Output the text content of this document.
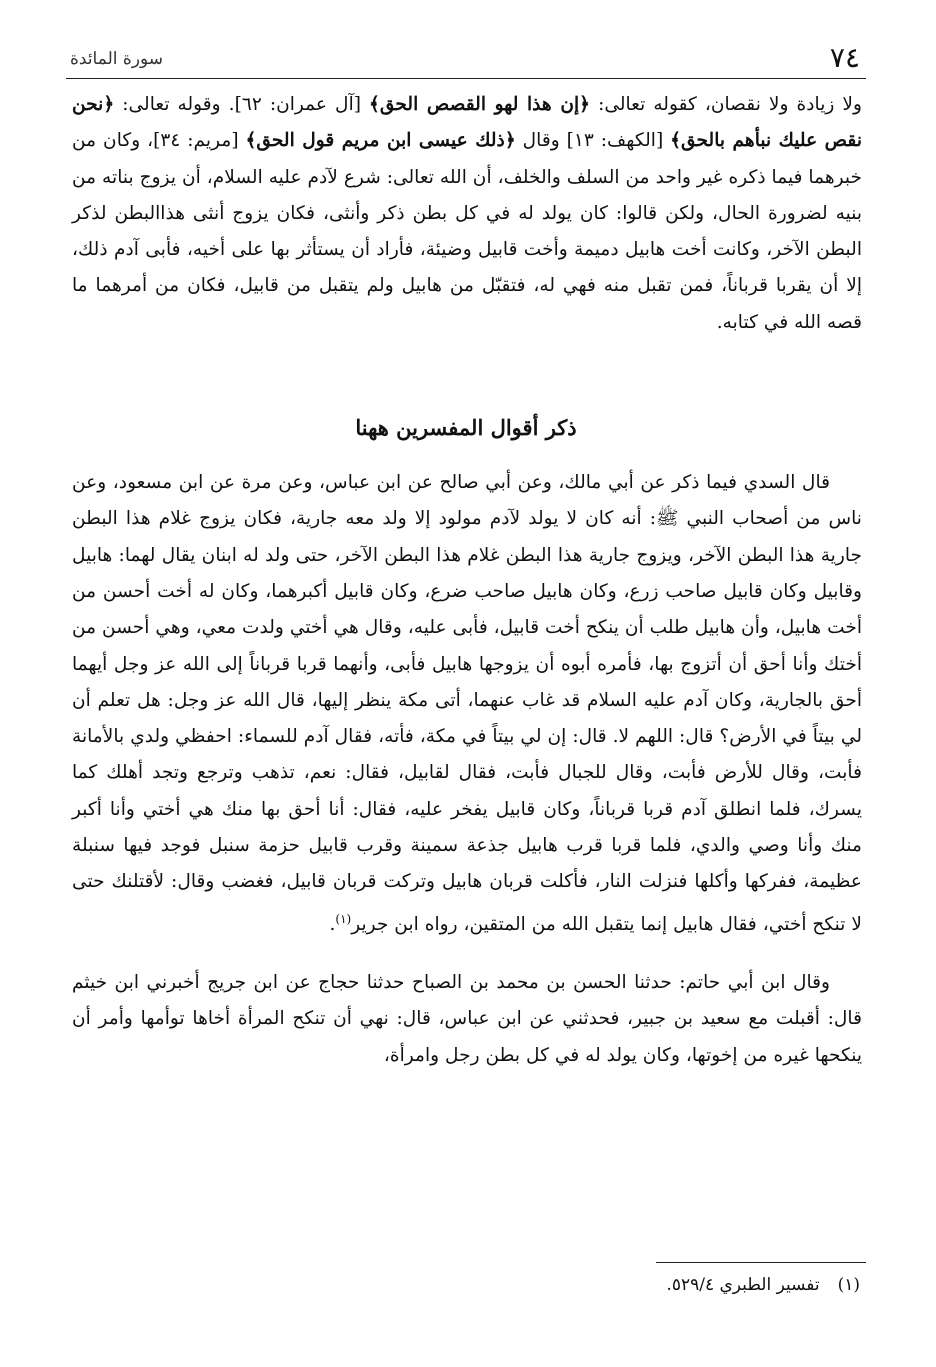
٧٤
سورة المائدة

ولا زيادة ولا نقصان، كقوله تعالى: ﴿إن هذا لهو القصص الحق﴾ [آل عمران: ٦٢]. وقوله تعالى: ﴿نحن نقص عليك نبأهم بالحق﴾ [الكهف: ١٣] وقال ﴿ذلك عيسى ابن مريم قول الحق﴾ [مريم: ٣٤]، وكان من خبرهما فيما ذكره غير واحد من السلف والخلف، أن الله تعالى: شرع لآدم عليه السلام، أن يزوج بناته من بنيه لضرورة الحال، ولكن قالوا: كان يولد له في كل بطن ذكر وأنثى، فكان يزوج أنثى هذاالبطن لذكر البطن الآخر، وكانت أخت هابيل دميمة وأخت قابيل وضيئة، فأراد أن يستأثر بها على أخيه، فأبى آدم ذلك، إلا أن يقربا قرباناً، فمن تقبل منه فهي له، فتقبّل من هابيل ولم يتقبل من قابيل، فكان من أمرهما ما قصه الله في كتابه.

ذكر أقوال المفسرين ههنا

قال السدي فيما ذكر عن أبي مالك، وعن أبي صالح عن ابن عباس، وعن مرة عن ابن مسعود، وعن ناس من أصحاب النبي ﷺ: أنه كان لا يولد لآدم مولود إلا ولد معه جارية، فكان يزوج غلام هذا البطن جارية هذا البطن الآخر، ويزوج جارية هذا البطن غلام هذا البطن الآخر، حتى ولد له ابنان يقال لهما: هابيل وقابيل وكان قابيل صاحب زرع، وكان هابيل صاحب ضرع، وكان قابيل أكبرهما، وكان له أخت أحسن من أخت هابيل، وأن هابيل طلب أن ينكح أخت قابيل، فأبى عليه، وقال هي أختي ولدت معي، وهي أحسن من أختك وأنا أحق أن أتزوج بها، فأمره أبوه أن يزوجها هابيل فأبى، وأنهما قربا قرباناً إلى الله عز وجل أيهما أحق بالجارية، وكان آدم عليه السلام قد غاب عنهما، أتى مكة ينظر إليها، قال الله عز وجل: هل تعلم أن لي بيتاً في الأرض؟ قال: اللهم لا. قال: إن لي بيتاً في مكة، فأته، فقال آدم للسماء: احفظي ولدي بالأمانة فأبت، وقال للأرض فأبت، وقال للجبال فأبت، فقال لقابيل، فقال: نعم، تذهب وترجع وتجد أهلك كما يسرك، فلما انطلق آدم قربا قرباناً، وكان قابيل يفخر عليه، فقال: أنا أحق بها منك هي أختي وأنا أكبر منك وأنا وصي والدي، فلما قربا قرب هابيل جذعة سمينة وقرب قابيل حزمة سنبل فوجد فيها سنبلة عظيمة، ففركها وأكلها فنزلت النار، فأكلت قربان هابيل وتركت قربان قابيل، فغضب وقال: لأقتلنك حتى لا تنكح أختي، فقال هابيل إنما يتقبل الله من المتقين، رواه ابن جرير$^{(١)}$.

وقال ابن أبي حاتم: حدثنا الحسن بن محمد بن الصباح حدثنا حجاج عن ابن جريج أخبرني ابن خيثم قال: أقبلت مع سعيد بن جبير، فحدثني عن ابن عباس، قال: نهي أن تنكح المرأة أخاها توأمها وأمر أن ينكحها غيره من إخوتها، وكان يولد له في كل بطن رجل وامرأة،

(١)تفسير الطبري ٥٢٩/٤.
